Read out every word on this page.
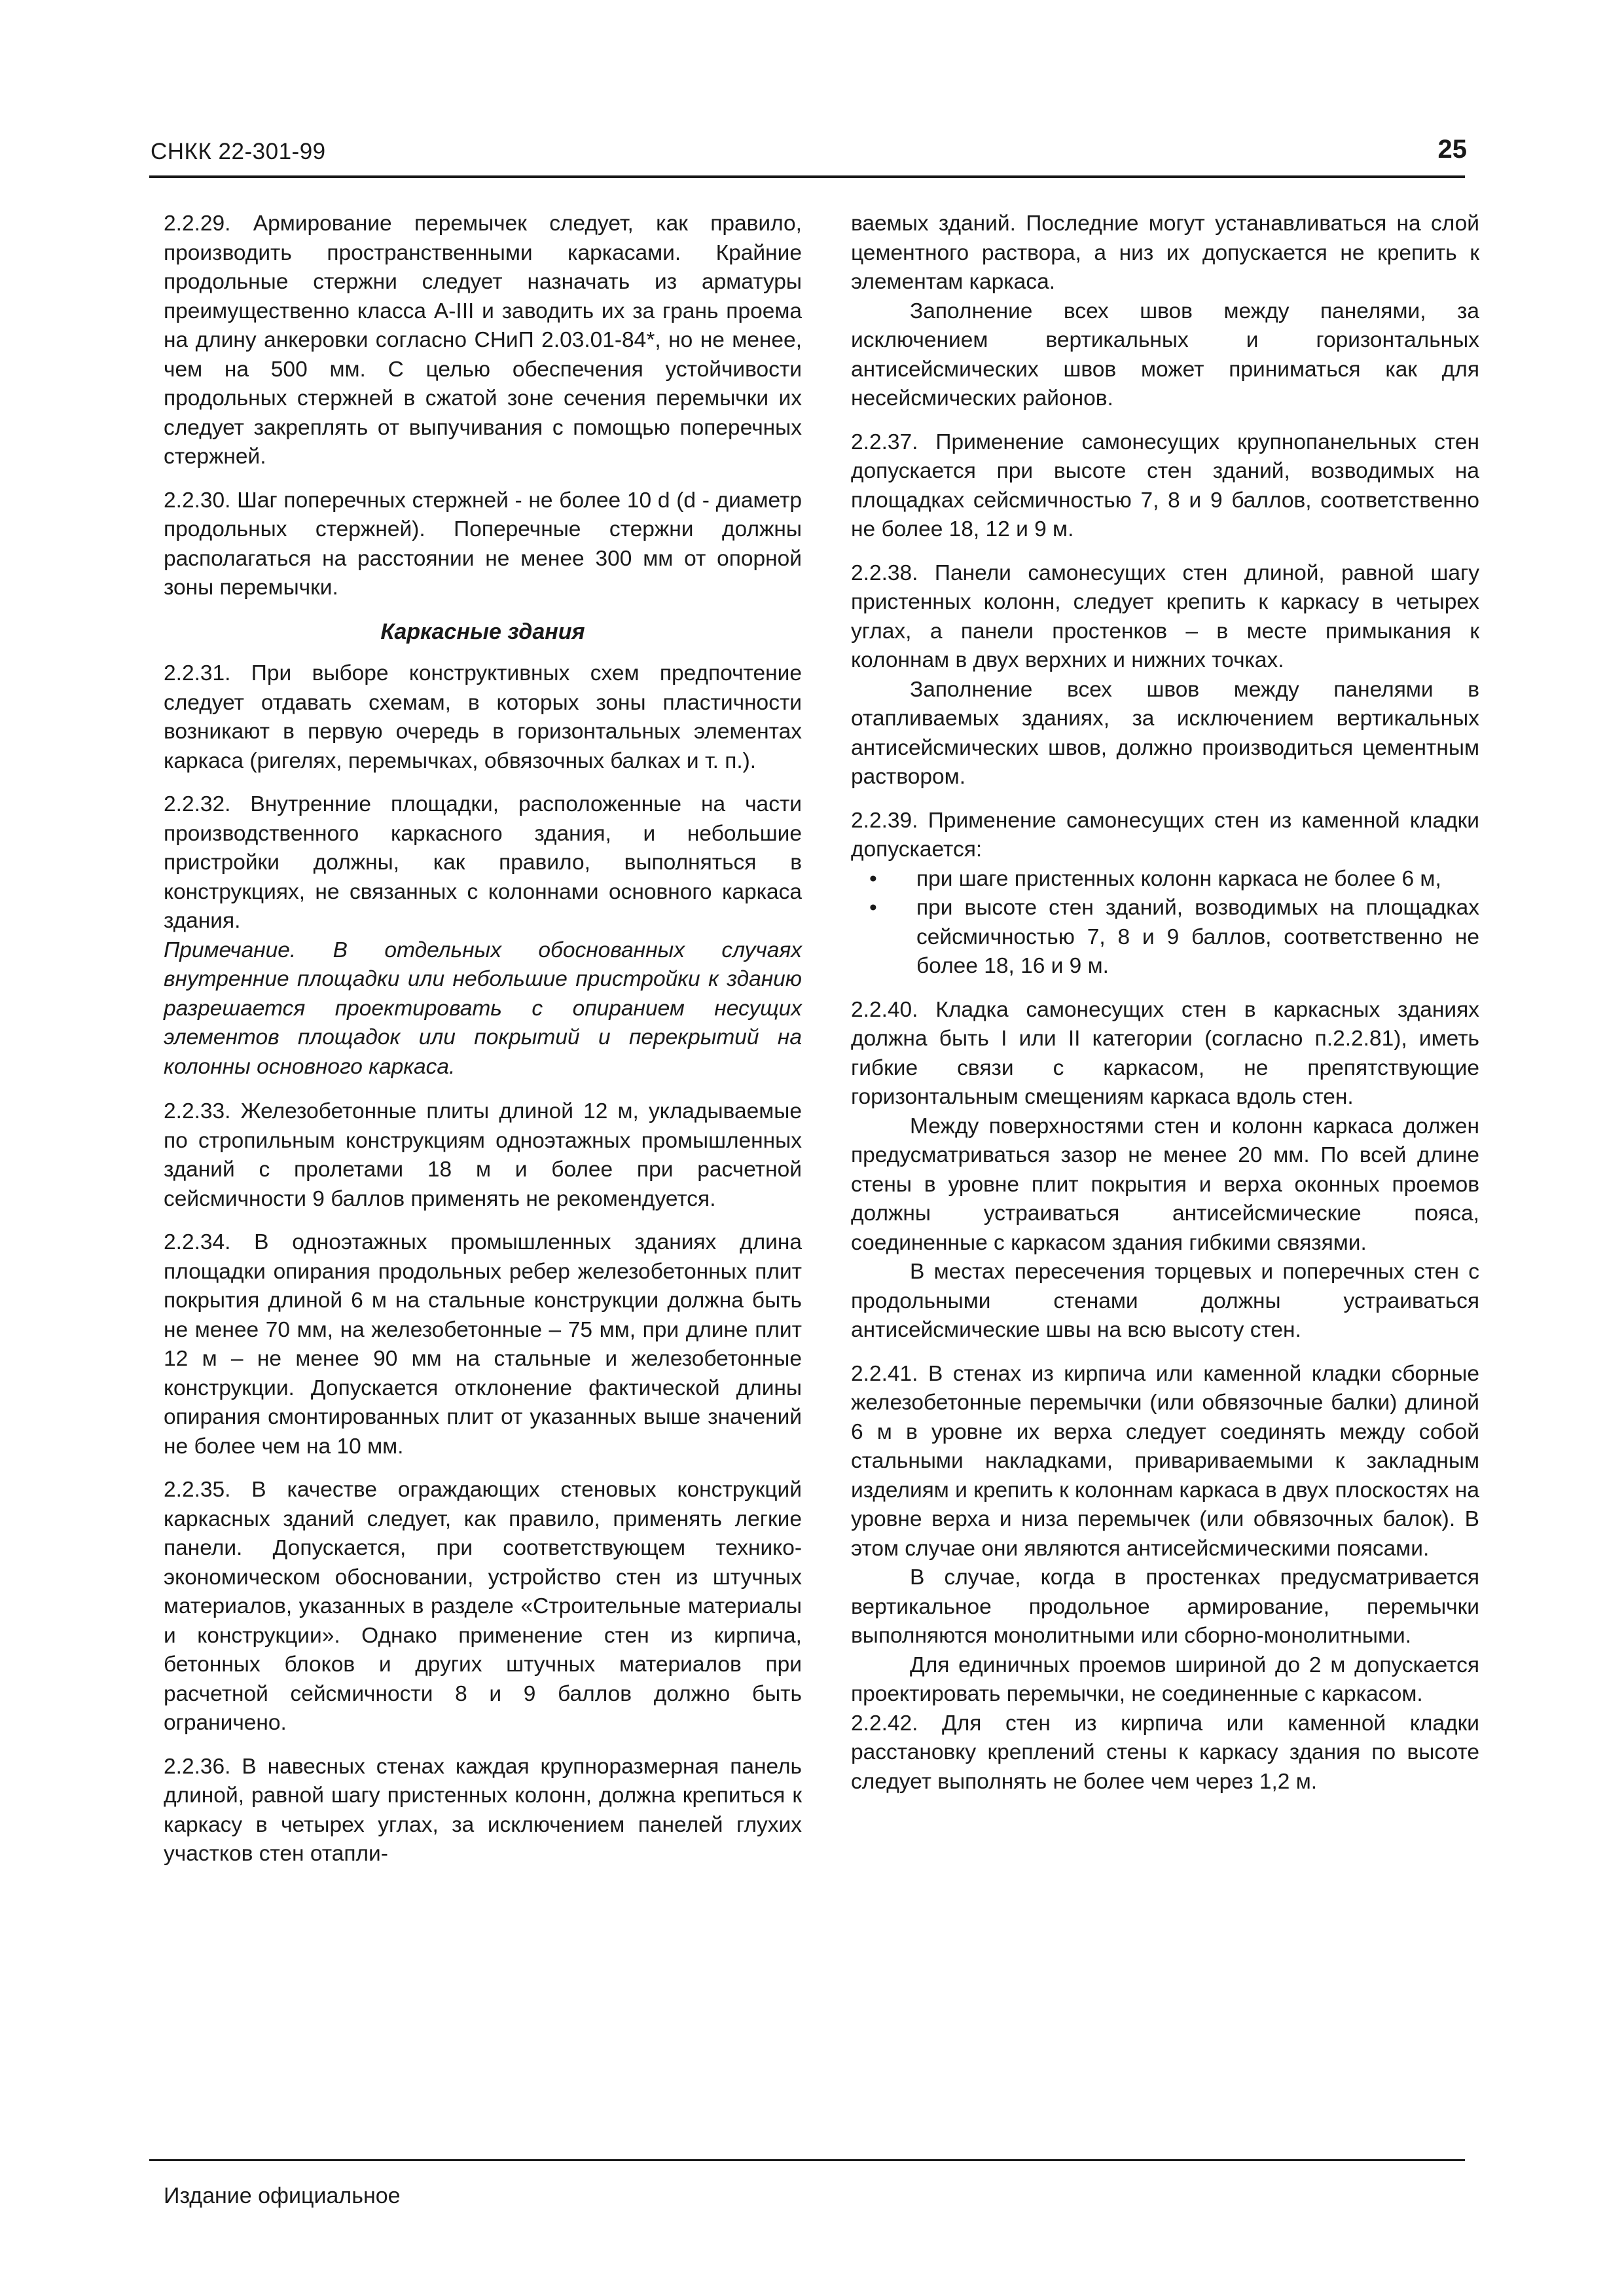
СНКК 22-301-99	25

2.2.29. Армирование перемычек следует, как правило, производить пространственными каркасами. Крайние продольные стержни следует назначать из арматуры преимущественно класса А-III и заводить их за грань проема на длину анкеровки согласно СНиП 2.03.01-84*, но не менее, чем на 500 мм. С целью обеспечения устойчивости продольных стержней в сжатой зоне сечения перемычки их следует закреплять от выпучивания с помощью поперечных стержней.

2.2.30. Шаг поперечных стержней - не более 10 d (d - диаметр продольных стержней). Поперечные стержни должны располагаться на расстоянии не менее 300 мм от опорной зоны перемычки.

Каркасные здания

2.2.31. При выборе конструктивных схем предпочтение следует отдавать схемам, в которых зоны пластичности возникают в первую очередь в горизонтальных элементах каркаса (ригелях, перемычках, обвязочных балках и т. п.).

2.2.32. Внутренние площадки, расположенные на части производственного каркасного здания, и небольшие пристройки должны, как правило, выполняться в конструкциях, не связанных с колоннами основного каркаса здания.

Примечание. В отдельных обоснованных случаях внутренние площадки или небольшие пристройки к зданию разрешается проектировать с опиранием несущих элементов площадок или покрытий и перекрытий на колонны основного каркаса.

2.2.33. Железобетонные плиты длиной 12 м, укладываемые по стропильным конструкциям одноэтажных промышленных зданий с пролетами 18 м и более при расчетной сейсмичности 9 баллов применять не рекомендуется.

2.2.34. В одноэтажных промышленных зданиях длина площадки опирания продольных ребер железобетонных плит покрытия длиной 6 м на стальные конструкции должна быть не менее 70 мм, на железобетонные – 75 мм, при длине плит 12 м – не менее 90 мм на стальные и железобетонные конструкции. Допускается отклонение фактической длины опирания смонтированных плит от указанных выше значений не более чем на 10 мм.

2.2.35. В качестве ограждающих стеновых конструкций каркасных зданий следует, как правило, применять легкие панели. Допускается, при соответствующем технико-экономическом обосновании, устройство стен из штучных материалов, указанных в разделе «Строительные материалы и конструкции». Однако применение стен из кирпича, бетонных блоков и других штучных материалов при расчетной сейсмичности 8 и 9 баллов должно быть ограничено.

2.2.36. В навесных стенах каждая крупноразмерная панель длиной, равной шагу пристенных колонн, должна крепиться к каркасу в четырех углах, за исключением панелей глухих участков стен отапли-

ваемых зданий. Последние могут устанавливаться на слой цементного раствора, а низ их допускается не крепить к элементам каркаса.

Заполнение всех швов между панелями, за исключением вертикальных и горизонтальных антисейсмических швов может приниматься как для несейсмических районов.

2.2.37. Применение самонесущих крупнопанельных стен допускается при высоте стен зданий, возводимых на площадках сейсмичностью 7, 8 и 9 баллов, соответственно не более 18, 12 и 9 м.

2.2.38. Панели самонесущих стен длиной, равной шагу пристенных колонн, следует крепить к каркасу в четырех углах, а панели простенков – в месте примыкания к колоннам в двух верхних и нижних точках.

Заполнение всех швов между панелями в отапливаемых зданиях, за исключением вертикальных антисейсмических швов, должно производиться цементным раствором.

2.2.39. Применение самонесущих стен из каменной кладки допускается:

• при шаге пристенных колонн каркаса не более 6 м,
• при высоте стен зданий, возводимых на площадках сейсмичностью 7, 8 и 9 баллов, соответственно не более 18, 16 и 9 м.

2.2.40. Кладка самонесущих стен в каркасных зданиях должна быть I или II категории (согласно п.2.2.81), иметь гибкие связи с каркасом, не препятствующие горизонтальным смещениям каркаса вдоль стен.

Между поверхностями стен и колонн каркаса должен предусматриваться зазор не менее 20 мм. По всей длине стены в уровне плит покрытия и верха оконных проемов должны устраиваться антисейсмические пояса, соединенные с каркасом здания гибкими связями.

В местах пересечения торцевых и поперечных стен с продольными стенами должны устраиваться антисейсмические швы на всю высоту стен.

2.2.41. В стенах из кирпича или каменной кладки сборные железобетонные перемычки (или обвязочные балки) длиной 6 м в уровне их верха следует соединять между собой стальными накладками, приваривaемыми к закладным изделиям и крепить к колоннам каркаса в двух плоскостях на уровне верха и низа перемычек (или обвязочных балок). В этом случае они являются антисейсмическими поясами.

В случае, когда в простенках предусматривается вертикальное продольное армирование, перемычки выполняются монолитными или сборно-монолитными.

Для единичных проемов шириной до 2 м допускается проектировать перемычки, не соединенные с каркасом.

2.2.42. Для стен из кирпича или каменной кладки расстановку креплений стены к каркасу здания по высоте следует выполнять не более чем через 1,2 м.

Издание официальное
